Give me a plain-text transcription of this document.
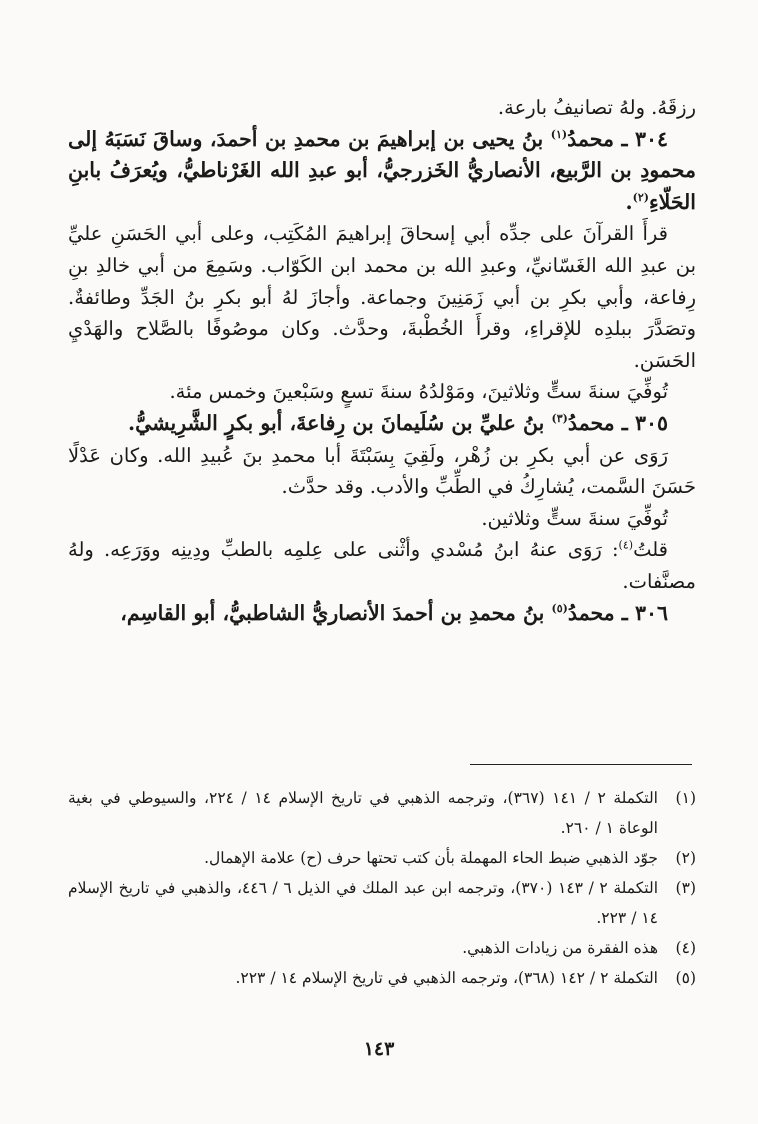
رزقَهُ. ولهُ تصانيفُ بارعة.

٣٠٤ ـ محمدُ$^{(١)}$ بنُ يحيى بن إبراهيمَ بن محمدِ بن أحمدَ، وساقَ نَسَبَهُ إلى محمودِ بن الرَّبيع، الأنصاريُّ الخَزرجيُّ، أبو عبدِ الله الغَرْناطيُّ، ويُعرَفُ بابنِ الحَلّاءِ$^{(٢)}$.

قرأَ القرآنَ على جدِّه أبي إسحاقَ إبراهيمَ المُكَتِب، وعلى أبي الحَسَنِ عليِّ بن عبدِ الله الغَسّانيِّ، وعبدِ الله بن محمد ابن الكَوّاب. وسَمِعَ من أبي خالدِ بنِ رِفاعة، وأبي بكرِ بن أبي زَمَنِينَ وجماعة. وأجازَ لهُ أبو بكرِ بنُ الجَدِّ وطائفةٌ. وتصَدَّرَ ببلدِه للإقراءِ، وقرأَ الخُطْبةَ، وحدَّث. وكان موصُوفًا بالصَّلاح والهَدْيِ الحَسَن.

تُوفِّيَ سنةَ ستٍّ وثلاثينَ، ومَوْلدُهُ سنةَ تسعٍ وسَبْعينَ وخمس مئة.

٣٠٥ ـ محمدُ$^{(٣)}$ بنُ عليِّ بن سُلَيمانَ بن رِفاعةَ، أبو بكرٍ الشَّرِيشيُّ.

رَوَى عن أبي بكرِ بن زُهْر، ولَقِيَ بِسَبْتَةَ أبا محمدِ بنَ عُبيدِ الله. وكان عَدْلًا حَسَنَ السَّمت، يُشارِكُ في الطِّبِّ والأدب. وقد حدَّث.

تُوفِّيَ سنةَ ستٍّ وثلاثين.

قلتُ$^{(٤)}$: رَوَى عنهُ ابنُ مُسْدي وأثْنى على عِلمِه بالطبِّ ودِينِه ووَرَعِه. ولهُ مصنَّفات.

٣٠٦ ـ محمدُ$^{(٥)}$ بنُ محمدِ بن أحمدَ الأنصاريُّ الشاطبيُّ، أبو القاسِم،

(١)
التكملة ٢ / ١٤١ (٣٦٧)، وترجمه الذهبي في تاريخ الإسلام ١٤ / ٢٢٤، والسيوطي في بغية الوعاة ١ / ٢٦٠.

(٢)
جوّد الذهبي ضبط الحاء المهملة بأن كتب تحتها حرف (ح) علامة الإهمال.

(٣)
التكملة ٢ / ١٤٣ (٣٧٠)، وترجمه ابن عبد الملك في الذيل ٦ / ٤٤٦، والذهبي في تاريخ الإسلام ١٤ / ٢٢٣.

(٤)
هذه الفقرة من زيادات الذهبي.

(٥)
التكملة ٢ / ١٤٢ (٣٦٨)، وترجمه الذهبي في تاريخ الإسلام ١٤ / ٢٢٣.

١٤٣
